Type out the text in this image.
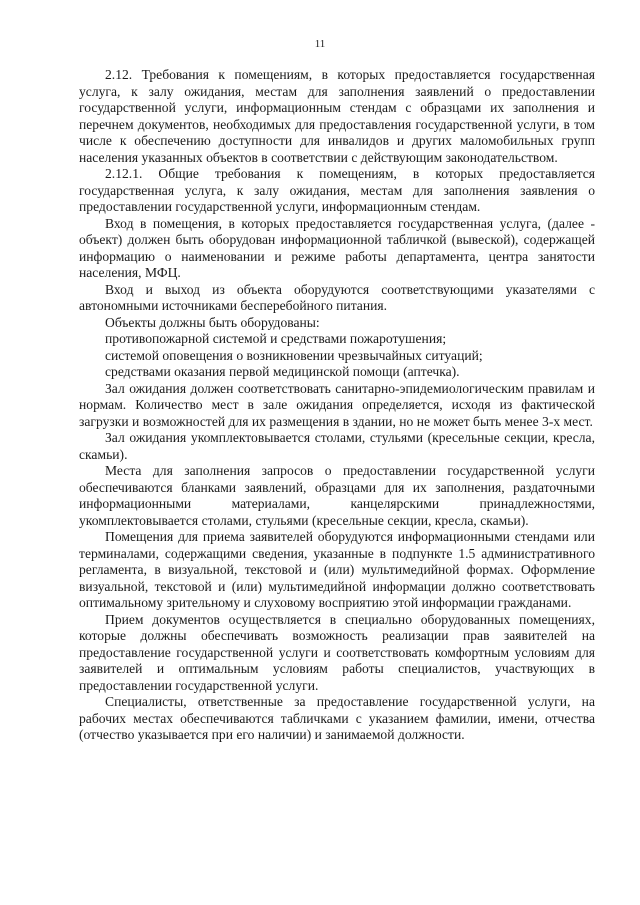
11

2.12. Требования к помещениям, в которых предоставляется государственная услуга, к залу ожидания, местам для заполнения заявлений о предоставлении государственной услуги, информационным стендам с образцами их заполнения и перечнем документов, необходимых для предоставления государственной услуги, в том числе к обеспечению доступности для инвалидов и других маломобильных групп населения указанных объектов в соответствии с действующим законодательством.

2.12.1. Общие требования к помещениям, в которых предоставляется государственная услуга, к залу ожидания, местам для заполнения заявления о предоставлении государственной услуги, информационным стендам.

Вход в помещения, в которых предоставляется государственная услуга, (далее - объект) должен быть оборудован информационной табличкой (вывеской), содержащей информацию о наименовании и режиме работы департамента, центра занятости населения, МФЦ.

Вход и выход из объекта оборудуются соответствующими указателями с автономными источниками бесперебойного питания.

Объекты должны быть оборудованы:

противопожарной системой и средствами пожаротушения;

системой оповещения о возникновении чрезвычайных ситуаций;

средствами оказания первой медицинской помощи (аптечка).

Зал ожидания должен соответствовать санитарно-эпидемиологическим правилам и нормам. Количество мест в зале ожидания определяется, исходя из фактической загрузки и возможностей для их размещения в здании, но не может быть менее 3-х мест.

Зал ожидания укомплектовывается столами, стульями (кресельные секции, кресла, скамьи).

Места для заполнения запросов о предоставлении государственной услуги обеспечиваются бланками заявлений, образцами для их заполнения, раздаточными информационными материалами, канцелярскими принадлежностями, укомплектовывается столами, стульями (кресельные секции, кресла, скамьи).

Помещения для приема заявителей оборудуются информационными стендами или терминалами, содержащими сведения, указанные в подпункте 1.5 административного регламента, в визуальной, текстовой и (или) мультимедийной формах. Оформление визуальной, текстовой и (или) мультимедийной информации должно соответствовать оптимальному зрительному и слуховому восприятию этой информации гражданами.

Прием документов осуществляется в специально оборудованных помещениях, которые должны обеспечивать возможность реализации прав заявителей на предоставление государственной услуги и соответствовать комфортным условиям для заявителей и оптимальным условиям работы специалистов, участвующих в предоставлении государственной услуги.

Специалисты, ответственные за предоставление государственной услуги, на рабочих местах обеспечиваются табличками с указанием фамилии, имени, отчества (отчество указывается при его наличии) и занимаемой должности.
